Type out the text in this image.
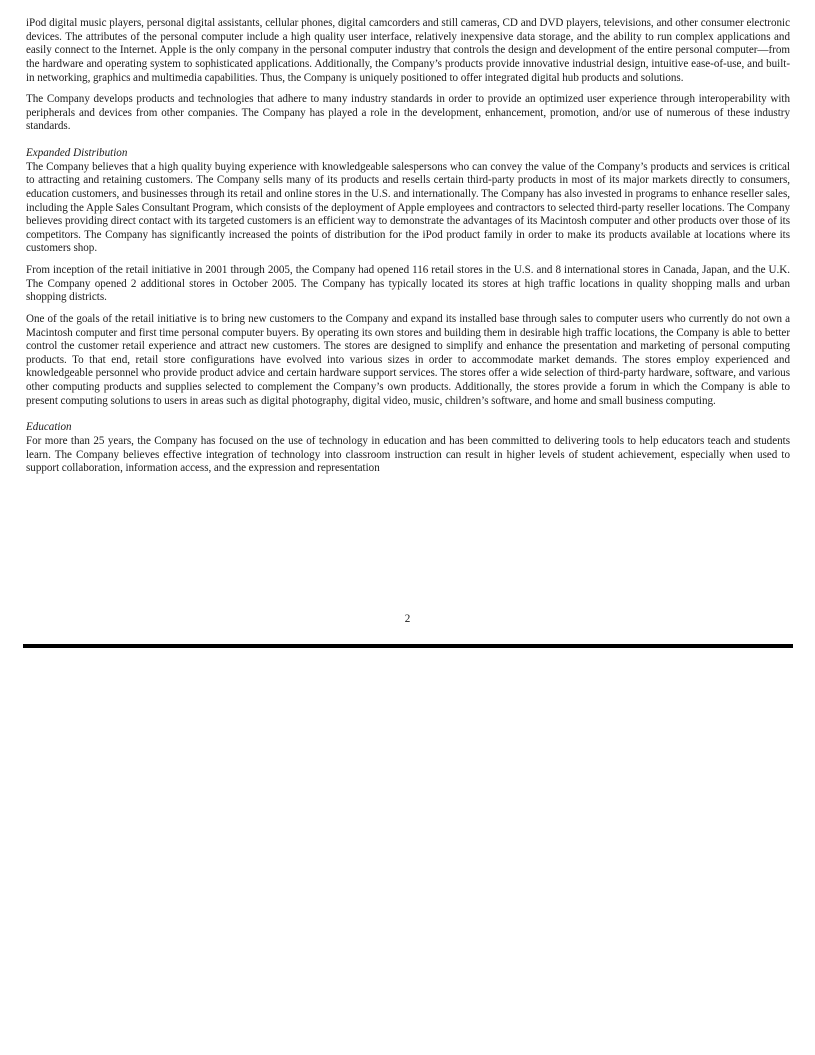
iPod digital music players, personal digital assistants, cellular phones, digital camcorders and still cameras, CD and DVD players, televisions, and other consumer electronic devices. The attributes of the personal computer include a high quality user interface, relatively inexpensive data storage, and the ability to run complex applications and easily connect to the Internet. Apple is the only company in the personal computer industry that controls the design and development of the entire personal computer—from the hardware and operating system to sophisticated applications. Additionally, the Company’s products provide innovative industrial design, intuitive ease-of-use, and built-in networking, graphics and multimedia capabilities. Thus, the Company is uniquely positioned to offer integrated digital hub products and solutions.

The Company develops products and technologies that adhere to many industry standards in order to provide an optimized user experience through interoperability with peripherals and devices from other companies. The Company has played a role in the development, enhancement, promotion, and/or use of numerous of these industry standards.

Expanded Distribution

The Company believes that a high quality buying experience with knowledgeable salespersons who can convey the value of the Company’s products and services is critical to attracting and retaining customers. The Company sells many of its products and resells certain third-party products in most of its major markets directly to consumers, education customers, and businesses through its retail and online stores in the U.S. and internationally. The Company has also invested in programs to enhance reseller sales, including the Apple Sales Consultant Program, which consists of the deployment of Apple employees and contractors to selected third-party reseller locations. The Company believes providing direct contact with its targeted customers is an efficient way to demonstrate the advantages of its Macintosh computer and other products over those of its competitors. The Company has significantly increased the points of distribution for the iPod product family in order to make its products available at locations where its customers shop.

From inception of the retail initiative in 2001 through 2005, the Company had opened 116 retail stores in the U.S. and 8 international stores in Canada, Japan, and the U.K. The Company opened 2 additional stores in October 2005. The Company has typically located its stores at high traffic locations in quality shopping malls and urban shopping districts.

One of the goals of the retail initiative is to bring new customers to the Company and expand its installed base through sales to computer users who currently do not own a Macintosh computer and first time personal computer buyers. By operating its own stores and building them in desirable high traffic locations, the Company is able to better control the customer retail experience and attract new customers. The stores are designed to simplify and enhance the presentation and marketing of personal computing products. To that end, retail store configurations have evolved into various sizes in order to accommodate market demands. The stores employ experienced and knowledgeable personnel who provide product advice and certain hardware support services. The stores offer a wide selection of third-party hardware, software, and various other computing products and supplies selected to complement the Company’s own products. Additionally, the stores provide a forum in which the Company is able to present computing solutions to users in areas such as digital photography, digital video, music, children’s software, and home and small business computing.

Education

For more than 25 years, the Company has focused on the use of technology in education and has been committed to delivering tools to help educators teach and students learn. The Company believes effective integration of technology into classroom instruction can result in higher levels of student achievement, especially when used to support collaboration, information access, and the expression and representation

2
